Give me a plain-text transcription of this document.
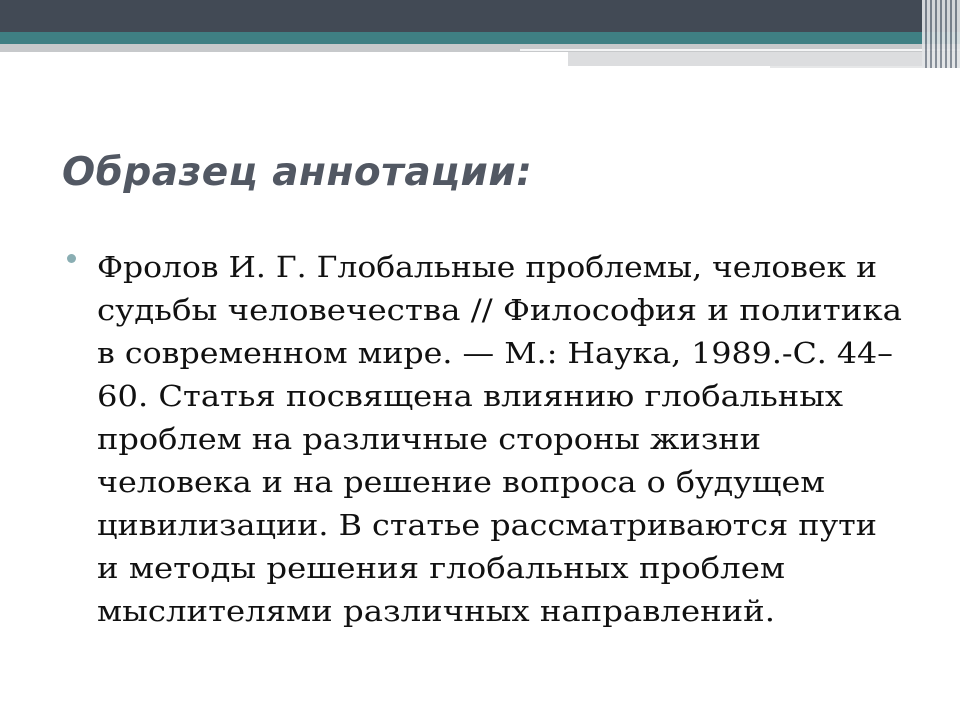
Образец аннотации:
Фролов И. Г. Глобальные проблемы, человек и
судьбы человечества // Философия и политика
в современном мире. — М.: Наука, 1989.-С. 44–
60. Статья посвящена влиянию глобальных
проблем на различные стороны жизни
человека и на решение вопроса о будущем
цивилизации. В статье рассматриваются пути
и методы решения глобальных проблем
мыслителями различных направлений.
